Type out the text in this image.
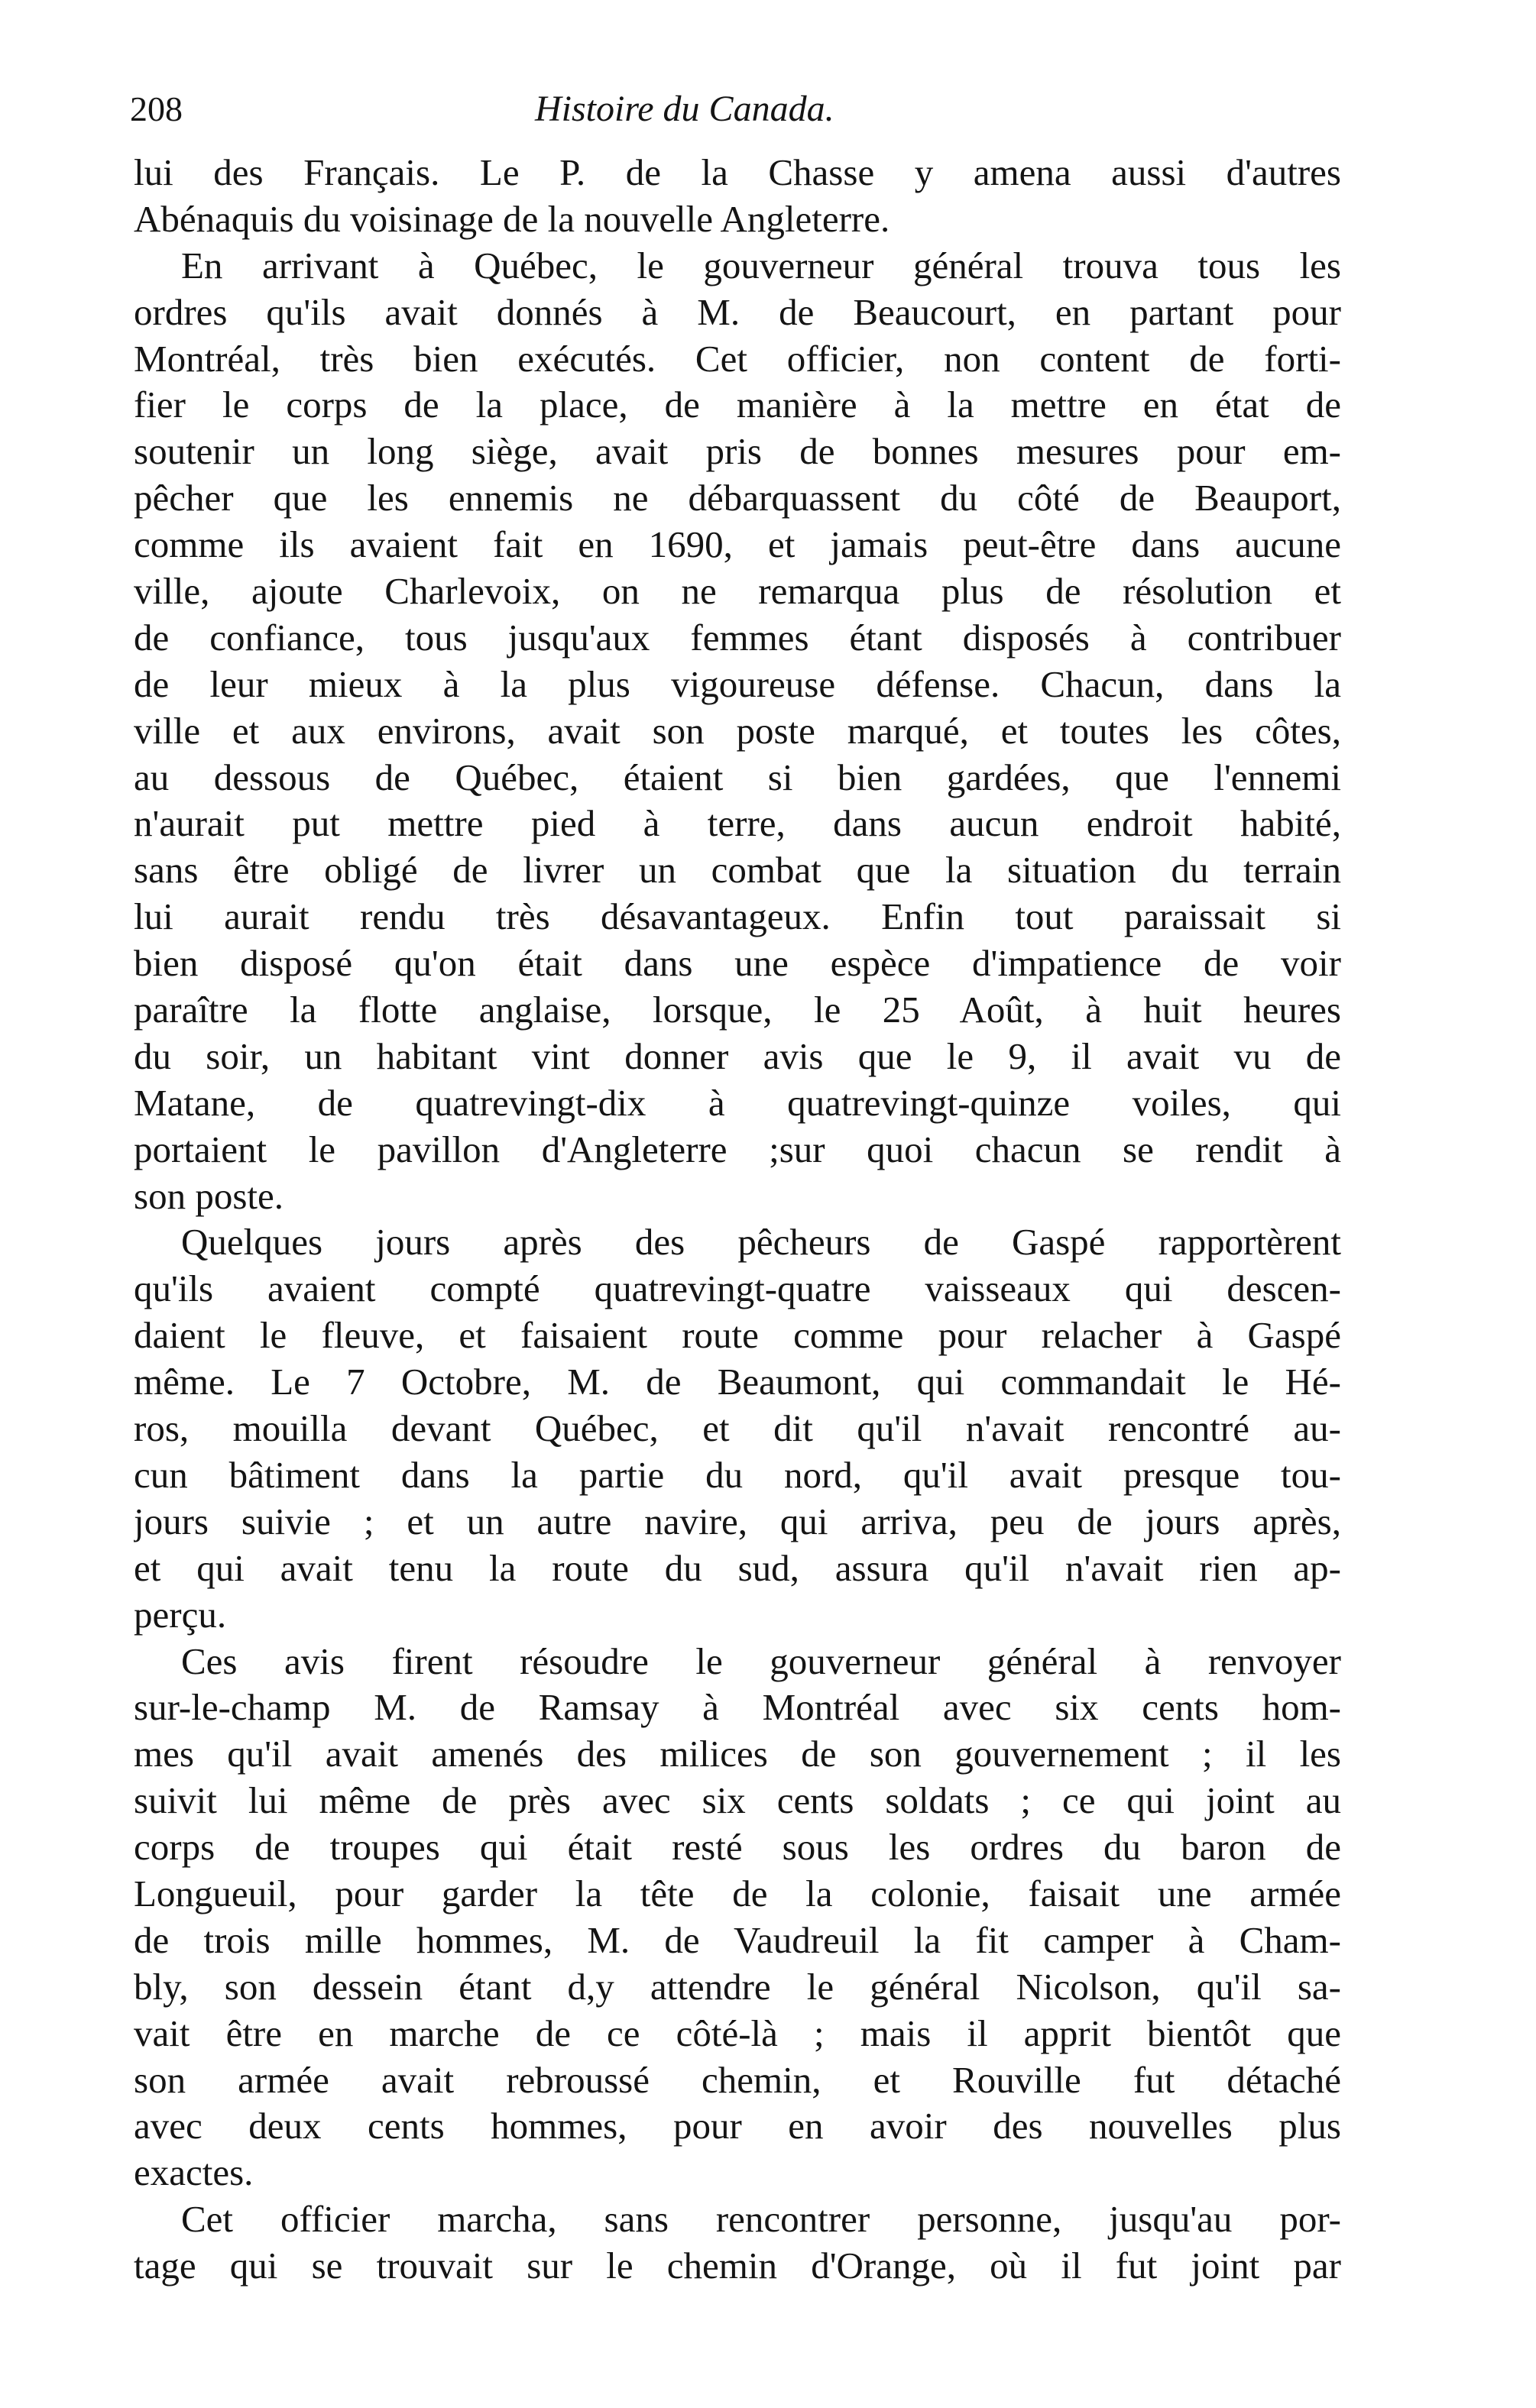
208	Histoire du Canada.
lui des Français. Le P. de la Chasse y amena aussi d'autres
Abénaquis du voisinage de la nouvelle Angleterre.
En arrivant à Québec, le gouverneur général trouva tous les
ordres qu'ils avait donnés à M. de Beaucourt, en partant pour
Montréal, très bien exécutés. Cet officier, non content de forti-
fier le corps de la place, de manière à la mettre en état de
soutenir un long siège, avait pris de bonnes mesures pour em-
pêcher que les ennemis ne débarquassent du côté de Beauport,
comme ils avaient fait en 1690, et jamais peut-être dans aucune
ville, ajoute Charlevoix, on ne remarqua plus de résolution et
de confiance, tous jusqu'aux femmes étant disposés à contribuer
de leur mieux à la plus vigoureuse défense. Chacun, dans la
ville et aux environs, avait son poste marqué, et toutes les côtes,
au dessous de Québec, étaient si bien gardées, que l'ennemi
n'aurait put mettre pied à terre, dans aucun endroit habité,
sans être obligé de livrer un combat que la situation du terrain
lui aurait rendu très désavantageux. Enfin tout paraissait si
bien disposé qu'on était dans une espèce d'impatience de voir
paraître la flotte anglaise, lorsque, le 25 Août, à huit heures
du soir, un habitant vint donner avis que le 9, il avait vu de
Matane, de quatrevingt-dix à quatrevingt-quinze voiles, qui
portaient le pavillon d'Angleterre ;sur quoi chacun se rendit à
son poste.
Quelques jours après des pêcheurs de Gaspé rapportèrent
qu'ils avaient compté quatrevingt-quatre vaisseaux qui descen-
daient le fleuve, et faisaient route comme pour relacher à Gaspé
même. Le 7 Octobre, M. de Beaumont, qui commandait le Hé-
ros, mouilla devant Québec, et dit qu'il n'avait rencontré au-
cun bâtiment dans la partie du nord, qu'il avait presque tou-
jours suivie ; et un autre navire, qui arriva, peu de jours après,
et qui avait tenu la route du sud, assura qu'il n'avait rien ap-
perçu.
Ces avis firent résoudre le gouverneur général à renvoyer
sur-le-champ M. de Ramsay à Montréal avec six cents hom-
mes qu'il avait amenés des milices de son gouvernement ; il les
suivit lui même de près avec six cents soldats ; ce qui joint au
corps de troupes qui était resté sous les ordres du baron de
Longueuil, pour garder la tête de la colonie, faisait une armée
de trois mille hommes, M. de Vaudreuil la fit camper à Cham-
bly, son dessein étant d,y attendre le général Nicolson, qu'il sa-
vait être en marche de ce côté-là ; mais il apprit bientôt que
son armée avait rebroussé chemin, et Rouville fut détaché
avec deux cents hommes, pour en avoir des nouvelles plus
exactes.
Cet officier marcha, sans rencontrer personne, jusqu'au por-
tage qui se trouvait sur le chemin d'Orange, où il fut joint par
